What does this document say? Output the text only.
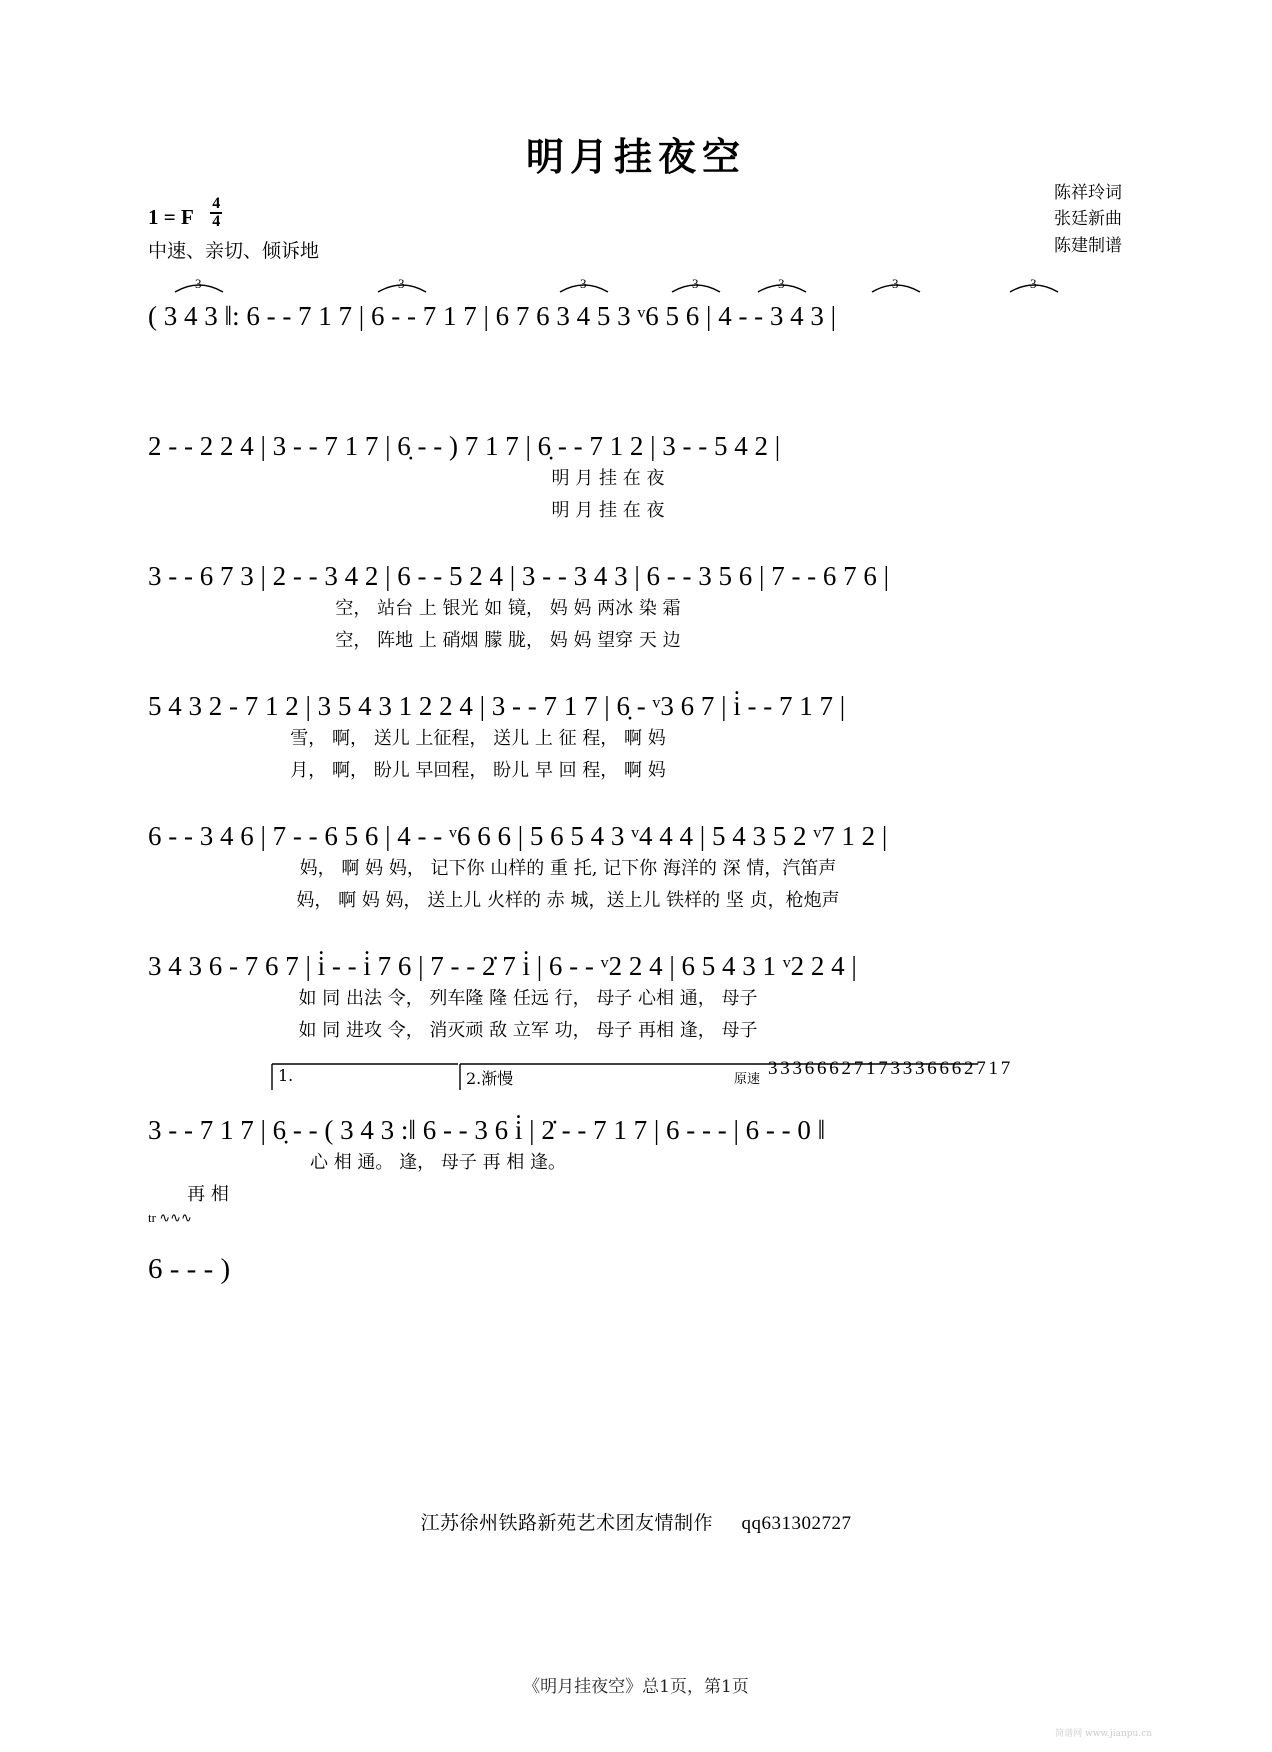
明月挂夜空
1 = F $\frac{4}{4}$
中速、亲切、倾诉地
陈祥玲词
张廷新曲
陈建制谱
( 3 4 3 ‖: 6 - - 7 1 7 | 6 - - 7 1 7 | 6 7 6 3 4 5 3 ᵛ6 5 6 | 4 - - 3 4 3 |
3	3	3	3	3	3	3
2 - - 2 2 4 | 3 - - 7 1 7 | 6̣ - - ) 7 1 7 | 6̣ - - 7 1 2 | 3 - - 5 4 2 |
明 月 挂 在 夜
明 月 挂 在 夜
3 - - 6 7 3 | 2 - - 3 4 2 | 6 - - 5 2 4 | 3 - - 3 4 3 | 6 - - 3 5 6 | 7 - - 6 7 6 |
空， 站台 上 银光 如 镜， 妈 妈 两冰 染 霜
空， 阵地 上 硝烟 朦 胧， 妈 妈 望穿 天 边
5 4 3 2 - 7 1 2 | 3 5 4 3 1 2 2 4 | 3 - - 7 1 7 | 6̣ - ᵛ3 6 7 | i̇ - - 7 1 7 |
雪， 啊， 送儿 上征程， 送儿 上 征 程， 啊 妈
月， 啊， 盼儿 早回程， 盼儿 早 回 程， 啊 妈
6 - - 3 4 6 | 7 - - 6 5 6 | 4 - - ᵛ6 6 6 | 5 6 5 4 3 ᵛ4 4 4 | 5 4 3 5 2 ᵛ7 1 2 |
妈， 啊 妈 妈， 记下你 山样的 重 托, 记下你 海洋的 深 情，汽笛声
妈， 啊 妈 妈， 送上儿 火样的 赤 城，送上儿 铁样的 坚 贞，枪炮声
3 4 3 6 - 7 6 7 | i̇ - - i̇ 7 6 | 7 - - 2̇ 7 i̇ | 6 - - ᵛ2 2 4 | 6 5 4 3 1 ᵛ2 2 4 |
如 同 出法 令， 列车隆 隆 任远 行， 母子 心相 通， 母子
如 同 进攻 令， 消灭顽 敌 立军 功， 母子 再相 逢， 母子
1.	2.渐慢	原速
3 3 3 6 6 6 2 7 1 7 3 3 3 6 6 6 2 7 1 7
3 - - 7 1 7 | 6̣ - - ( 3 4 3 :‖ 6 - - 3 6 i̇ | 2̇ - - 7 1 7 | 6 - - - | 6 - - 0 ‖
心 相 通。 逢， 母子 再 相 逢。
再 相
tr ∿∿∿
6 - - - )
江苏徐州铁路新苑艺术团友情制作 qq631302727
《明月挂夜空》总1页，第1页
简谱网 www.jianpu.cn
